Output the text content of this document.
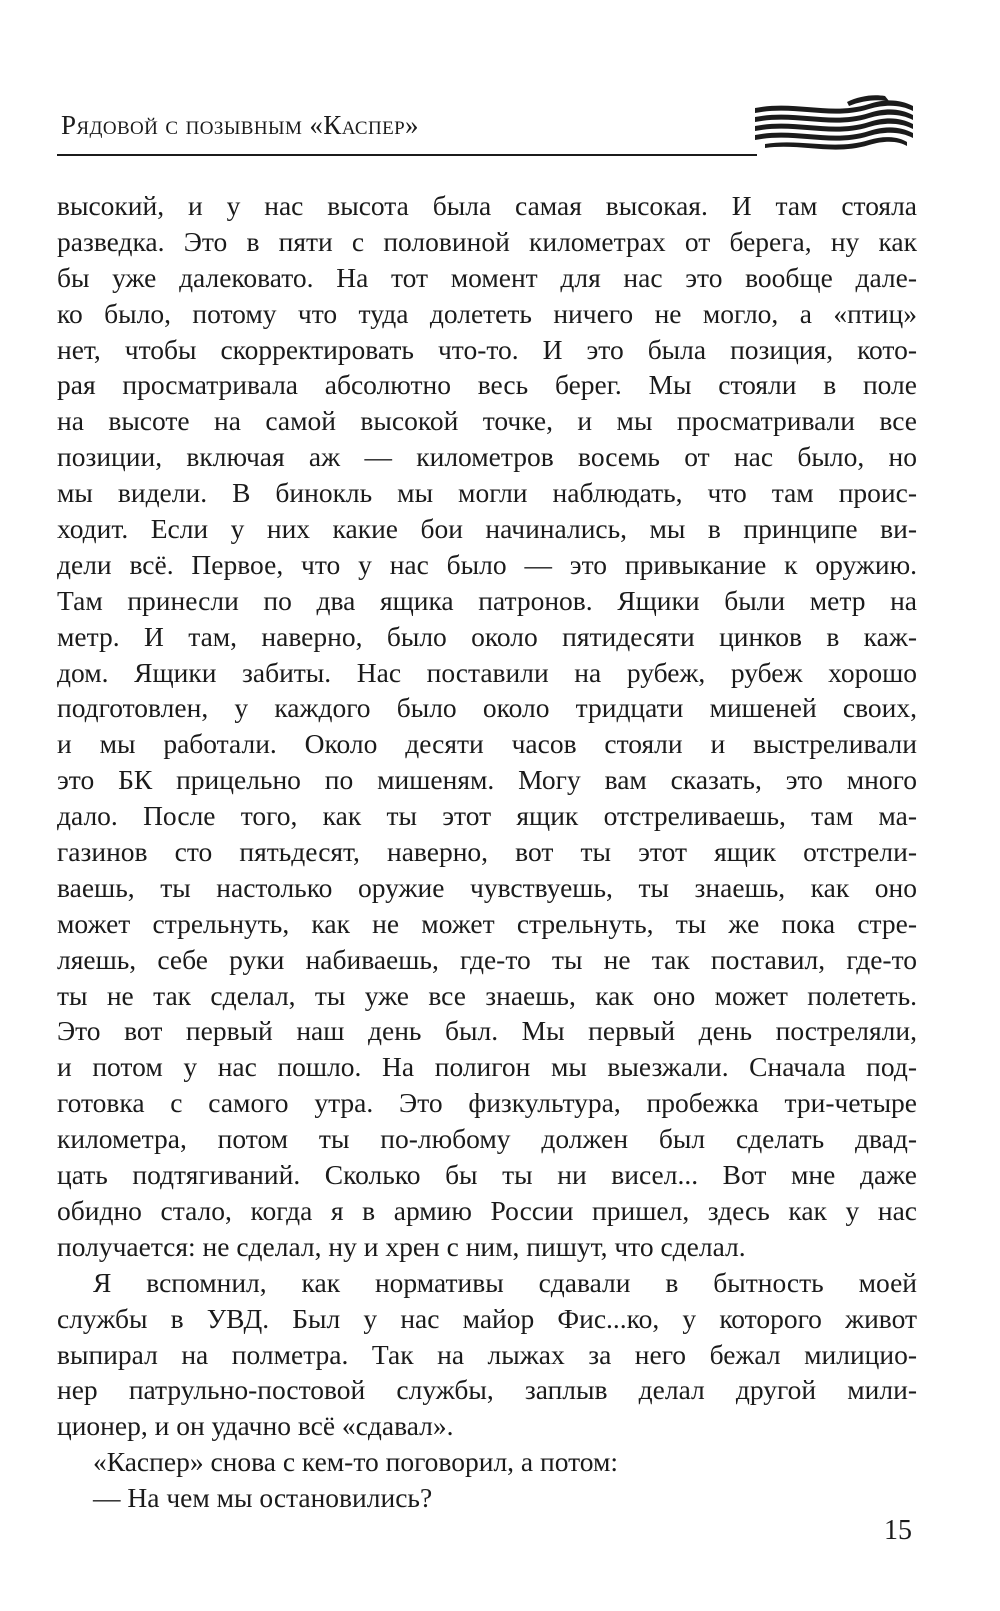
Рядовой с позывным «Каспер»
высокий, и у нас высота была самая высокая. И там стояла
разведка. Это в пяти с половиной километрах от берега, ну как
бы уже далековато. На тот момент для нас это вообще дале-
ко было, потому что туда долететь ничего не могло, а «птиц»
нет, чтобы скорректировать что-то. И это была позиция, кото-
рая просматривала абсолютно весь берег. Мы стояли в поле
на высоте на самой высокой точке, и мы просматривали все
позиции, включая аж — километров восемь от нас было, но
мы видели. В бинокль мы могли наблюдать, что там проис-
ходит. Если у них какие бои начинались, мы в принципе ви-
дели всё. Первое, что у нас было — это привыкание к оружию.
Там принесли по два ящика патронов. Ящики были метр на
метр. И там, наверно, было около пятидесяти цинков в каж-
дом. Ящики забиты. Нас поставили на рубеж, рубеж хорошо
подготовлен, у каждого было около тридцати мишеней своих,
и мы работали. Около десяти часов стояли и выстреливали
это БК прицельно по мишеням. Могу вам сказать, это много
дало. После того, как ты этот ящик отстреливаешь, там ма-
газинов сто пятьдесят, наверно, вот ты этот ящик отстрели-
ваешь, ты настолько оружие чувствуешь, ты знаешь, как оно
может стрельнуть, как не может стрельнуть, ты же пока стре-
ляешь, себе руки набиваешь, где-то ты не так поставил, где-то
ты не так сделал, ты уже все знаешь, как оно может полететь.
Это вот первый наш день был. Мы первый день постреляли,
и потом у нас пошло. На полигон мы выезжали. Сначала под-
готовка с самого утра. Это физкультура, пробежка три-четыре
километра, потом ты по-любому должен был сделать двад-
цать подтягиваний. Сколько бы ты ни висел... Вот мне даже
обидно стало, когда я в армию России пришел, здесь как у нас
получается: не сделал, ну и хрен с ним, пишут, что сделал.
Я вспомнил, как нормативы сдавали в бытность моей
службы в УВД. Был у нас майор Фис...ко, у которого живот
выпирал на полметра. Так на лыжах за него бежал милицио-
нер патрульно-постовой службы, заплыв делал другой мили-
ционер, и он удачно всё «сдавал».
«Каспер» снова с кем-то поговорил, а потом:
— На чем мы остановились?
15
